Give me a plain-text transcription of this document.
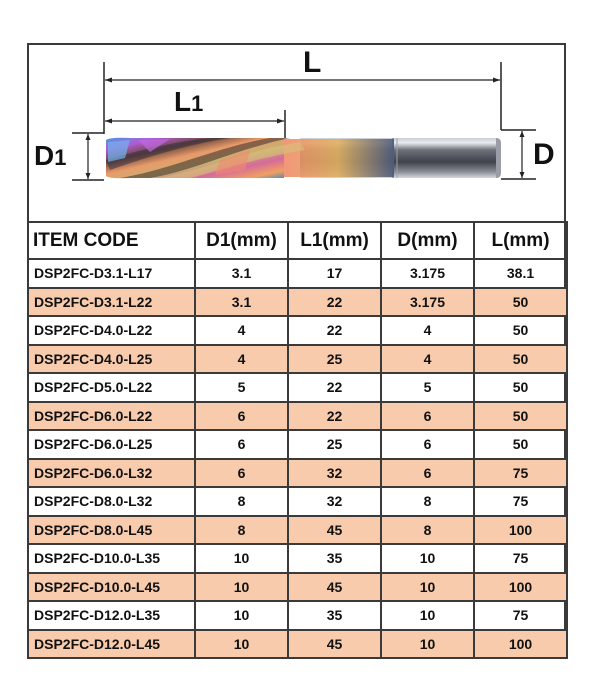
L
L1
D1	D
ITEM CODE	D1(mm)	L1(mm)	D(mm)	L(mm)
DSP2FC-D3.1-L17	3.1	17	3.175	38.1
DSP2FC-D3.1-L22	3.1	22	3.175	50
DSP2FC-D4.0-L22	4	22	4	50
DSP2FC-D4.0-L25	4	25	4	50
DSP2FC-D5.0-L22	5	22	5	50
DSP2FC-D6.0-L22	6	22	6	50
DSP2FC-D6.0-L25	6	25	6	50
DSP2FC-D6.0-L32	6	32	6	75
DSP2FC-D8.0-L32	8	32	8	75
DSP2FC-D8.0-L45	8	45	8	100
DSP2FC-D10.0-L35	10	35	10	75
DSP2FC-D10.0-L45	10	45	10	100
DSP2FC-D12.0-L35	10	35	10	75
DSP2FC-D12.0-L45	10	45	10	100
